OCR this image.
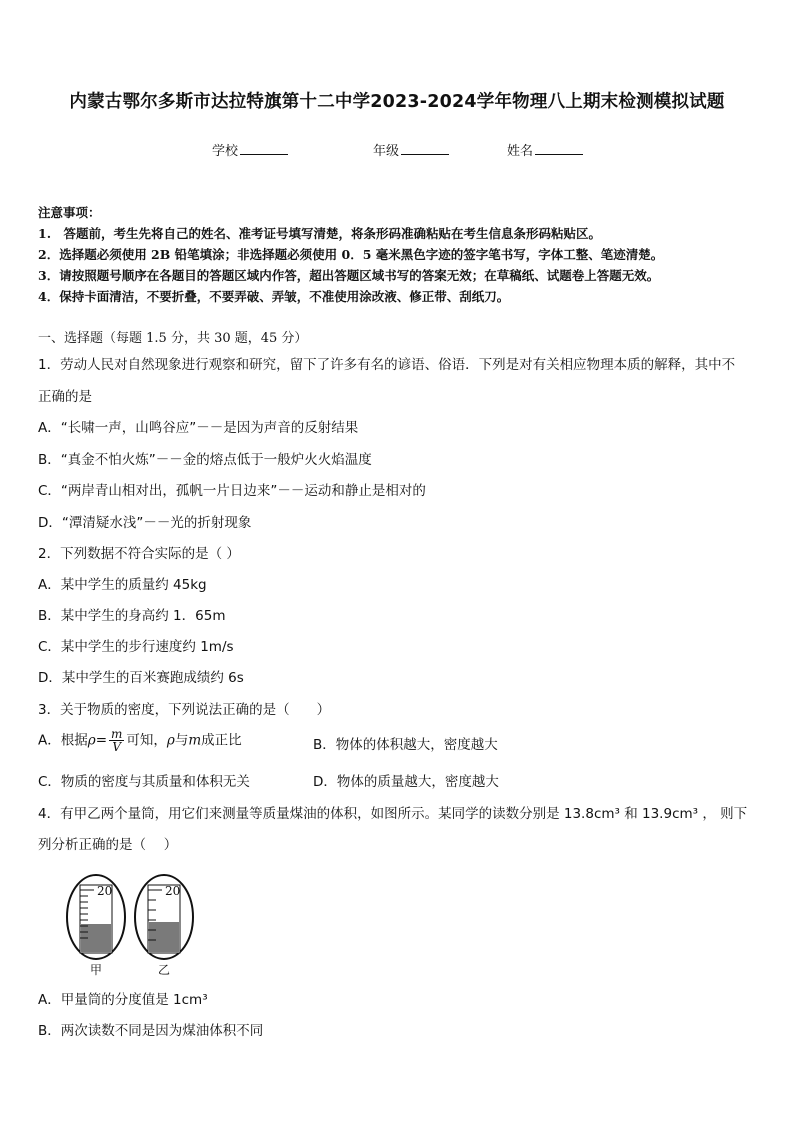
内蒙古鄂尔多斯市达拉特旗第十二中学2023-2024学年物理八上期末检测模拟试题
学校	年级	姓名
注意事项：
1.　答题前，考生先将自己的姓名、准考证号填写清楚，将条形码准确粘贴在考生信息条形码粘贴区。
2．选择题必须使用 2B 铅笔填涂；非选择题必须使用 0．5 毫米黑色字迹的签字笔书写，字体工整、笔迹清楚。
3．请按照题号顺序在各题目的答题区域内作答，超出答题区域书写的答案无效；在草稿纸、试题卷上答题无效。
4．保持卡面清洁，不要折叠，不要弄破、弄皱，不准使用涂改液、修正带、刮纸刀。
一、选择题（每题 1.5 分，共 30 题，45 分）
1．劳动人民对自然现象进行观察和研究，留下了许多有名的谚语、俗语．下列是对有关相应物理本质的解释，其中不
正确的是
A．“长啸一声，山鸣谷应”－－是因为声音的反射结果
B．“真金不怕火炼”－－金的熔点低于一般炉火火焰温度
C．“两岸青山相对出，孤帆一片日边来”－－运动和静止是相对的
D．“潭清疑水浅”－－光的折射现象
2．下列数据不符合实际的是（ ）
A．某中学生的质量约 45kg
B．某中学生的身高约 1．65m
C．某中学生的步行速度约 1m/s
D．某中学生的百米赛跑成绩约 6s
3．关于物质的密度，下列说法正确的是（　　）
A．根据$\rho= \frac{m}{V}$ 可知，ρ与m成正比	B．物体的体积越大，密度越大
C．物质的密度与其质量和体积无关	D．物体的质量越大，密度越大
4．有甲乙两个量筒，用它们来测量等质量煤油的体积，如图所示。某同学的读数分别是 13.8cm³ 和 13.9cm³ ， 则下
列分析正确的是（　 ）
20	20
甲	乙
A．甲量筒的分度值是 1cm³
B．两次读数不同是因为煤油体积不同
